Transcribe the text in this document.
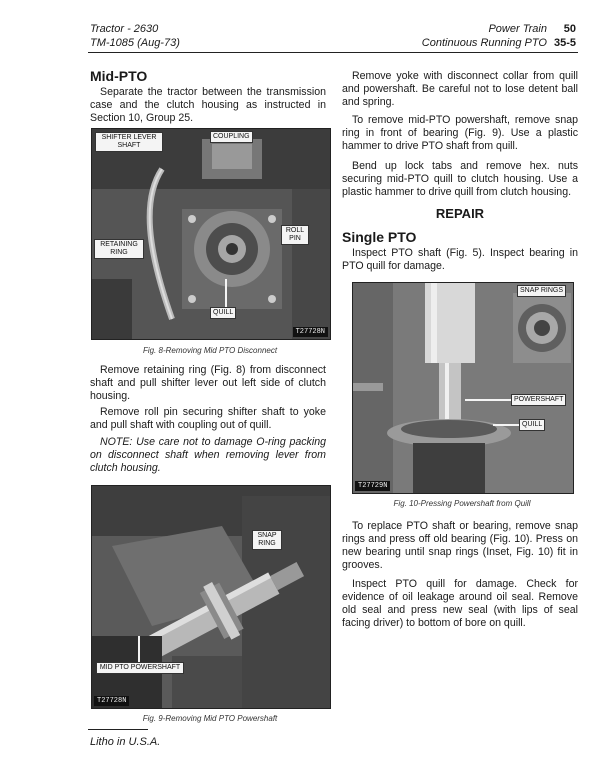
Tractor - 2630
TM-1085 (Aug-73)
Power Train 50
Continuous Running PTO 35-5
Mid-PTO
Separate the tractor between the transmission case and the clutch housing as instructed in Section 10, Group 25.
SHIFTER LEVER SHAFT
COUPLING
ROLL PIN
RETAINING RING
QUILL
T27728N
Fig. 8-Removing Mid PTO Disconnect
Remove retaining ring (Fig. 8) from disconnect shaft and pull shifter lever out left side of clutch housing.
Remove roll pin securing shifter shaft to yoke and pull shaft with coupling out of quill.
NOTE: Use care not to damage O-ring packing on disconnect shaft when removing lever from clutch housing.
SNAP RING
MID PTO POWERSHAFT
T27728N
Fig. 9-Removing Mid PTO Powershaft
Remove yoke with disconnect collar from quill and powershaft. Be careful not to lose detent ball and spring.
To remove mid-PTO powershaft, remove snap ring in front of bearing (Fig. 9). Use a plastic hammer to drive PTO shaft from quill.
Bend up lock tabs and remove hex. nuts securing mid-PTO quill to clutch housing. Use a plastic hammer to drive quill from clutch housing.
REPAIR
Single PTO
Inspect PTO shaft (Fig. 5). Inspect bearing in PTO quill for damage.
SNAP RINGS
POWERSHAFT
QUILL
T27729N
Fig. 10-Pressing Powershaft from Quill
To replace PTO shaft or bearing, remove snap rings and press off old bearing (Fig. 10). Press on new bearing until snap rings (Inset, Fig. 10) fit in grooves.
Inspect PTO quill for damage. Check for evidence of oil leakage around oil seal. Remove old seal and press new seal (with lips of seal facing driver) to bottom of bore on quill.
Litho in U.S.A.
